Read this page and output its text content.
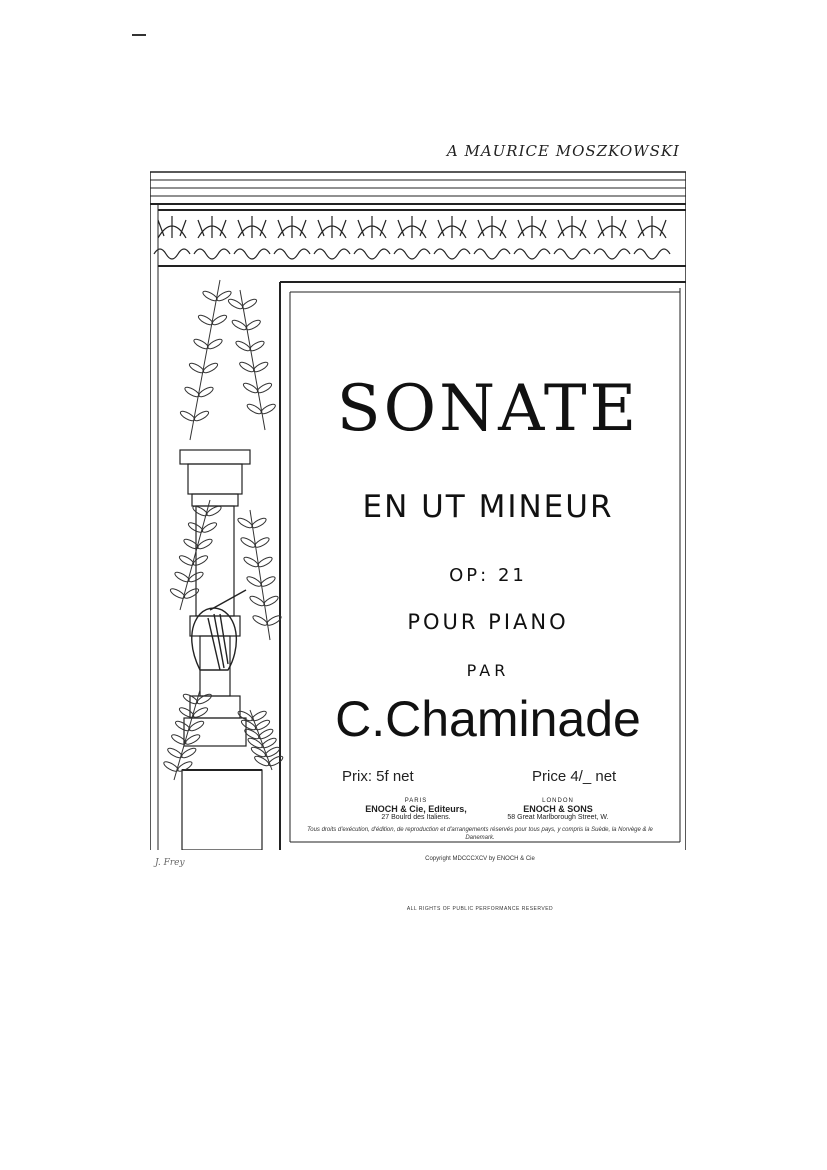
A MAURICE MOSZKOWSKI
SONATE
EN UT MINEUR
OP: 21
POUR PIANO
PAR
C.Chaminade
Prix: 5f net	Price 4/_ net
PARIS
ENOCH & Cie, Editeurs,
27 Boulrd des Italiens.
LONDON
ENOCH & SONS
58 Great Marlborough Street, W.
Tous droits d'exécution, d'édition, de reproduction et d'arrangements réservés pour tous pays, y compris la Suède, la Norvège & le Danemark.
Copyright MDCCCXCV by ENOCH & Cie
ALL RIGHTS OF PUBLIC PERFORMANCE RESERVED
J. Frey
